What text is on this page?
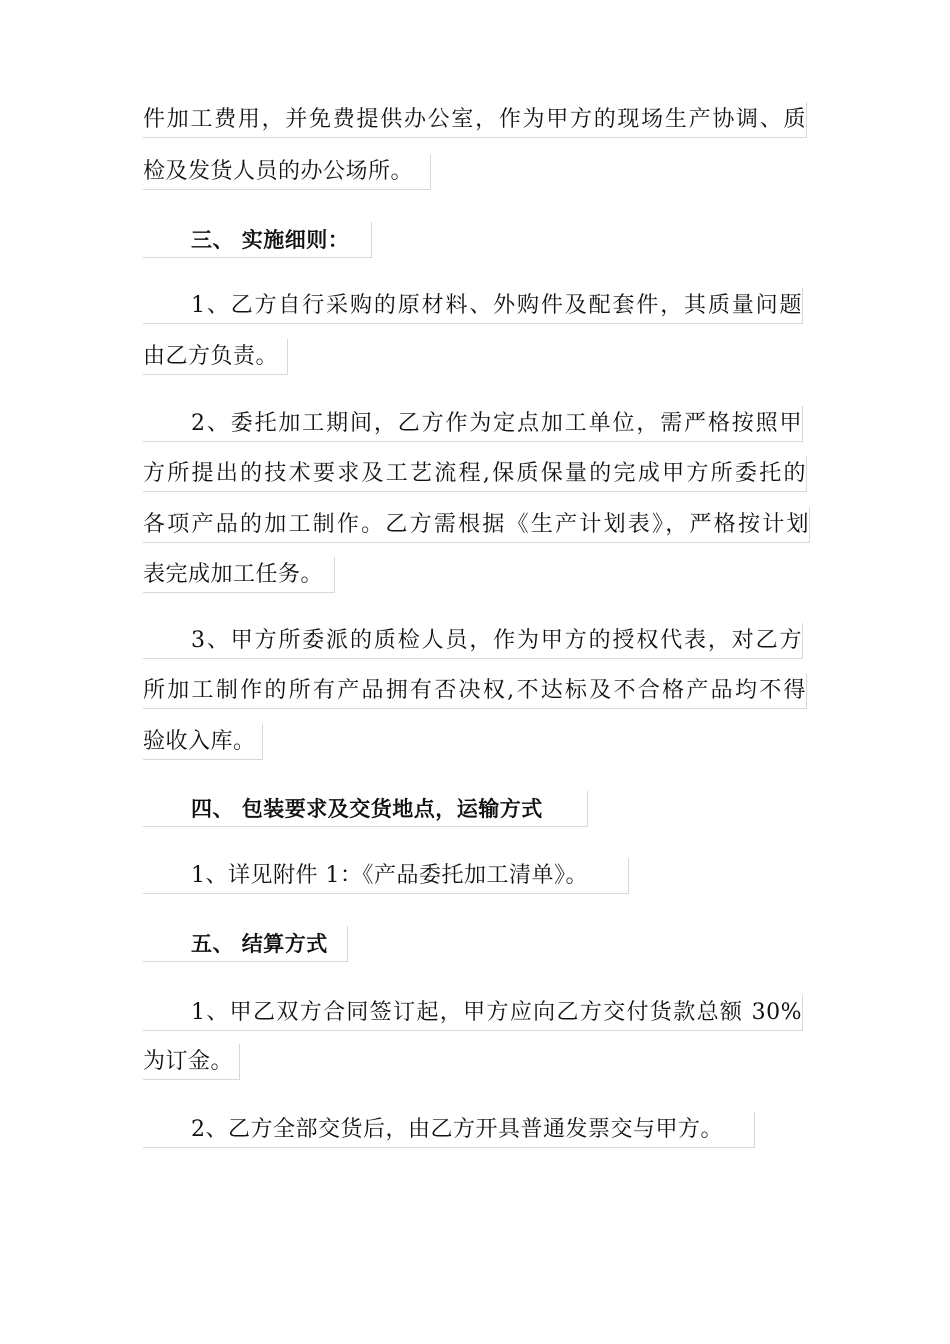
件加工费用，并免费提供办公室，作为甲方的现场生产协调、质
检及发货人员的办公场所。
三、 实施细则：
1、乙方自行采购的原材料、外购件及配套件，其质量问题
由乙方负责。
2、委托加工期间，乙方作为定点加工单位，需严格按照甲
方所提出的技术要求及工艺流程,保质保量的完成甲方所委托的
各项产品的加工制作。乙方需根据《生产计划表》，严格按计划
表完成加工任务。
3、甲方所委派的质检人员，作为甲方的授权代表，对乙方
所加工制作的所有产品拥有否决权,不达标及不合格产品均不得
验收入库。
四、 包装要求及交货地点，运输方式
1、详见附件 1：《产品委托加工清单》。
五、 结算方式
1、甲乙双方合同签订起，甲方应向乙方交付货款总额 30%
为订金。
2、乙方全部交货后，由乙方开具普通发票交与甲方。
